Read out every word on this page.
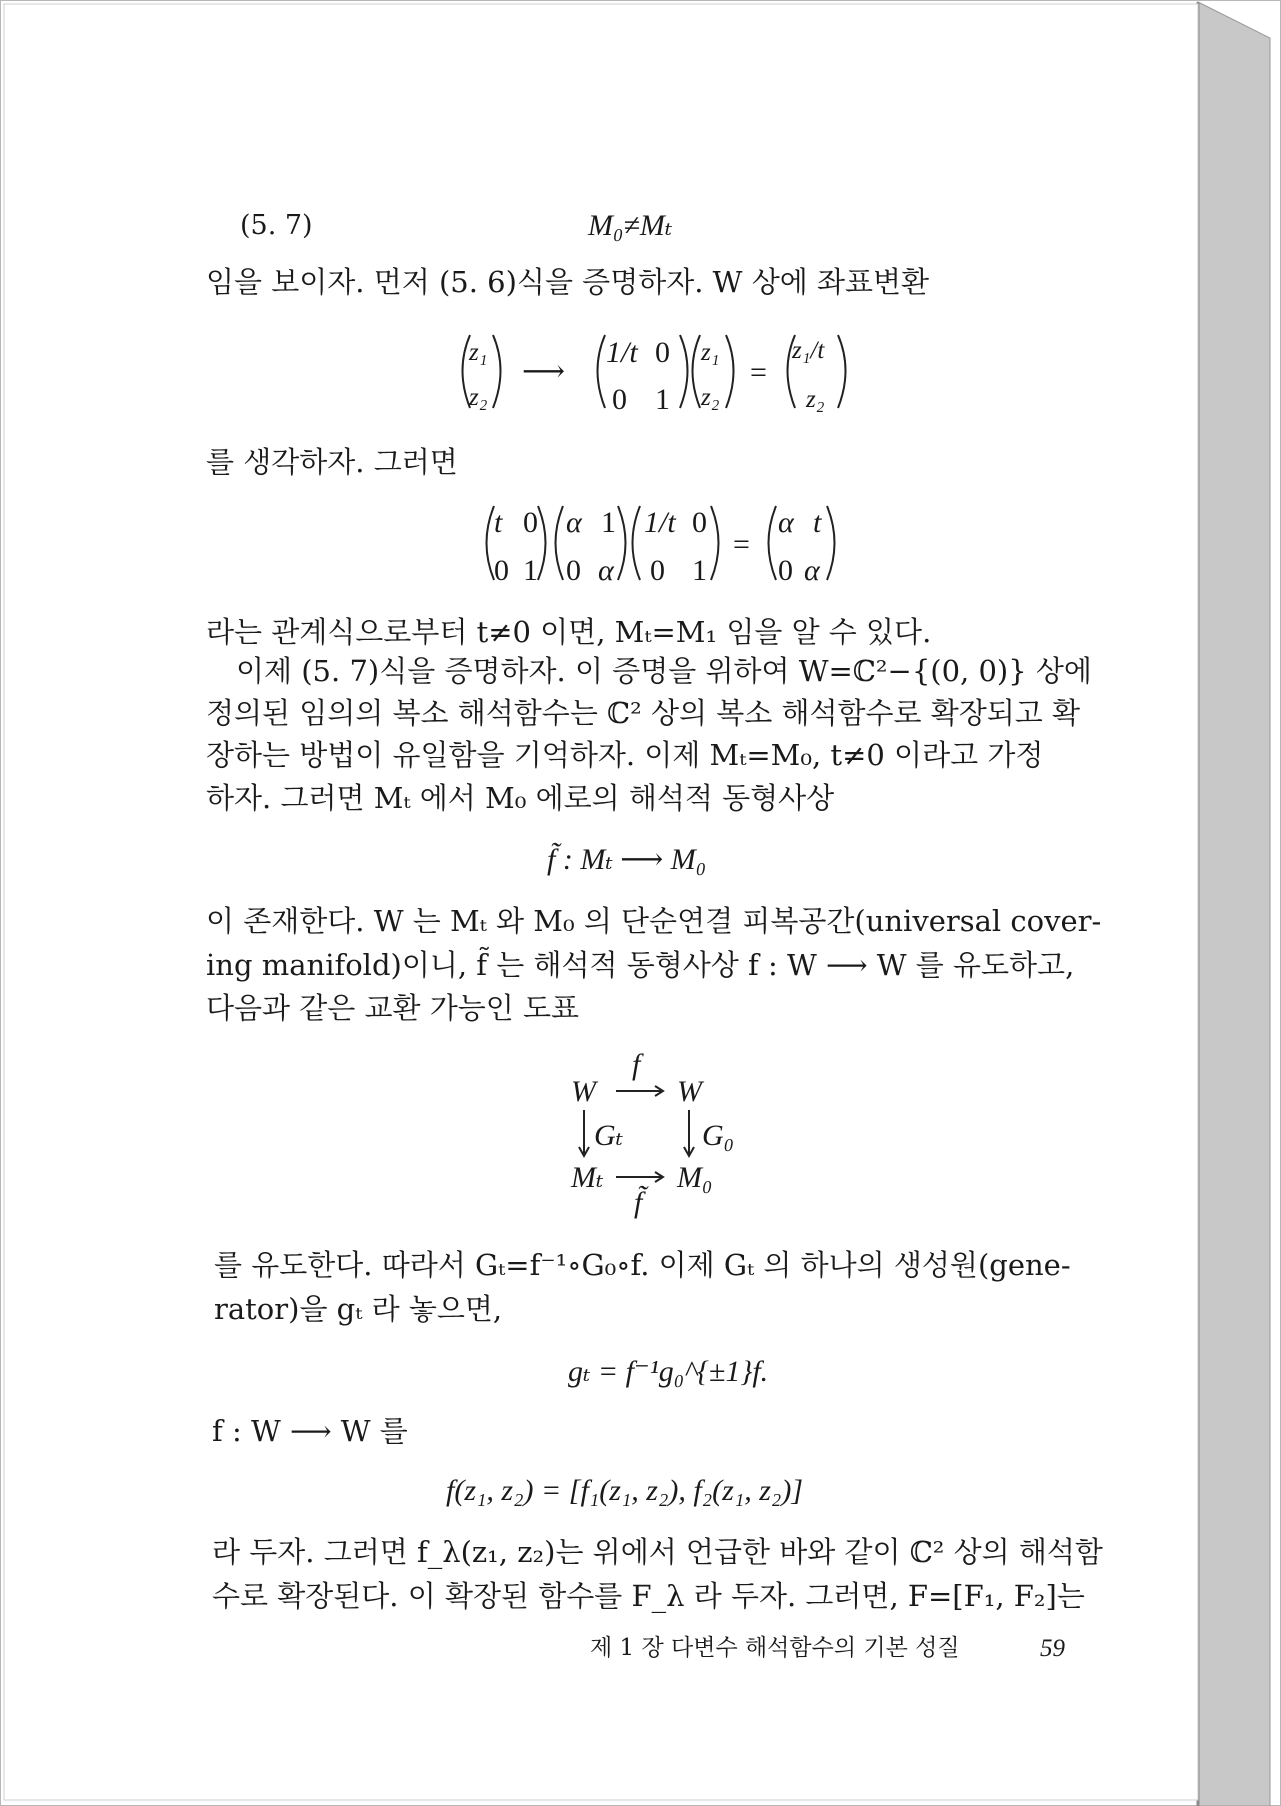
(5. 7)	M₀≠Mₜ
임을 보이자. 먼저 (5. 6)식을 증명하자. W 상에 좌표변환
z₁
z₂
⟶
1/t 0
0 1
z₁
z₂
=
z₁/t
z₂
를 생각하자. 그러면
t 0
0 1
α 1
0 α
1/t 0
0 1
=
α t
0 α
라는 관계식으로부터 t≠0 이면, Mₜ=M₁ 임을 알 수 있다.
이제 (5. 7)식을 증명하자. 이 증명을 위하여 W=ℂ²−{(0, 0)} 상에
정의된 임의의 복소 해석함수는 ℂ² 상의 복소 해석함수로 확장되고 확
장하는 방법이 유일함을 기억하자. 이제 Mₜ=M₀, t≠0 이라고 가정
하자. 그러면 Mₜ 에서 M₀ 에로의 해석적 동형사상
f̃ : Mₜ ⟶ M₀
이 존재한다. W 는 Mₜ 와 M₀ 의 단순연결 피복공간(universal cover-
ing manifold)이니, f̃ 는 해석적 동형사상 f : W ⟶ W 를 유도하고,
다음과 같은 교환 가능인 도표
f
W	W
Gₜ	G₀
Mₜ M₀
f̃
를 유도한다. 따라서 Gₜ=f⁻¹∘G₀∘f. 이제 Gₜ 의 하나의 생성원(gene-
rator)을 gₜ 라 놓으면,
gₜ = f⁻¹g₀^{±1}f.
f : W ⟶ W 를
f(z₁, z₂) = [f₁(z₁, z₂), f₂(z₁, z₂)]
라 두자. 그러면 f_λ(z₁, z₂)는 위에서 언급한 바와 같이 ℂ² 상의 해석함
수로 확장된다. 이 확장된 함수를 F_λ 라 두자. 그러면, F=[F₁, F₂]는
제 1 장 다변수 해석함수의 기본 성질	59
